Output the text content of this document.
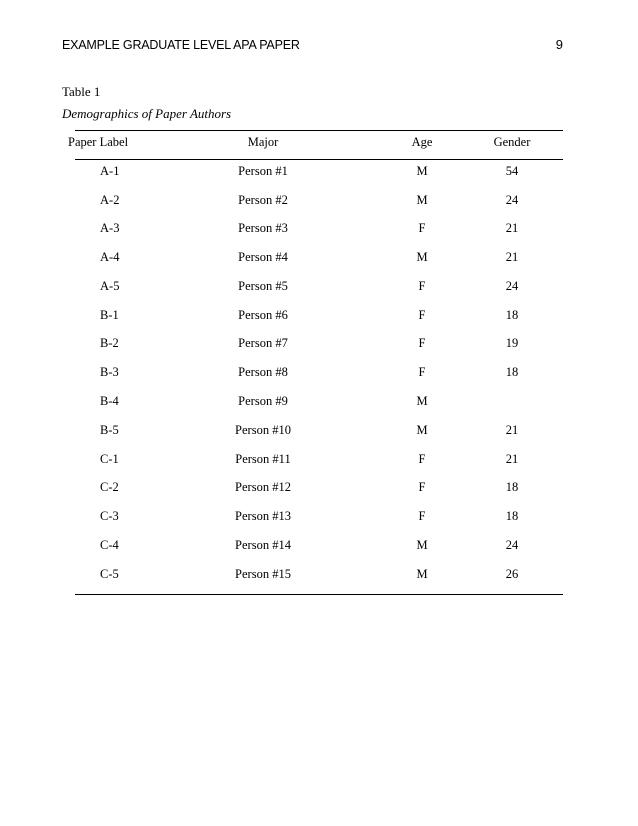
EXAMPLE GRADUATE LEVEL APA PAPER	9
Table 1
Demographics of Paper Authors
Paper Label	Major	Age	Gender
A-1	Person #1	M	54
A-2	Person #2	M	24
A-3	Person #3	F	21
A-4	Person #4	M	21
A-5	Person #5	F	24
B-1	Person #6	F	18
B-2	Person #7	F	19
B-3	Person #8	F	18
B-4	Person #9	M
B-5	Person #10	M	21
C-1	Person #11	F	21
C-2	Person #12	F	18
C-3	Person #13	F	18
C-4	Person #14	M	24
C-5	Person #15	M	26
